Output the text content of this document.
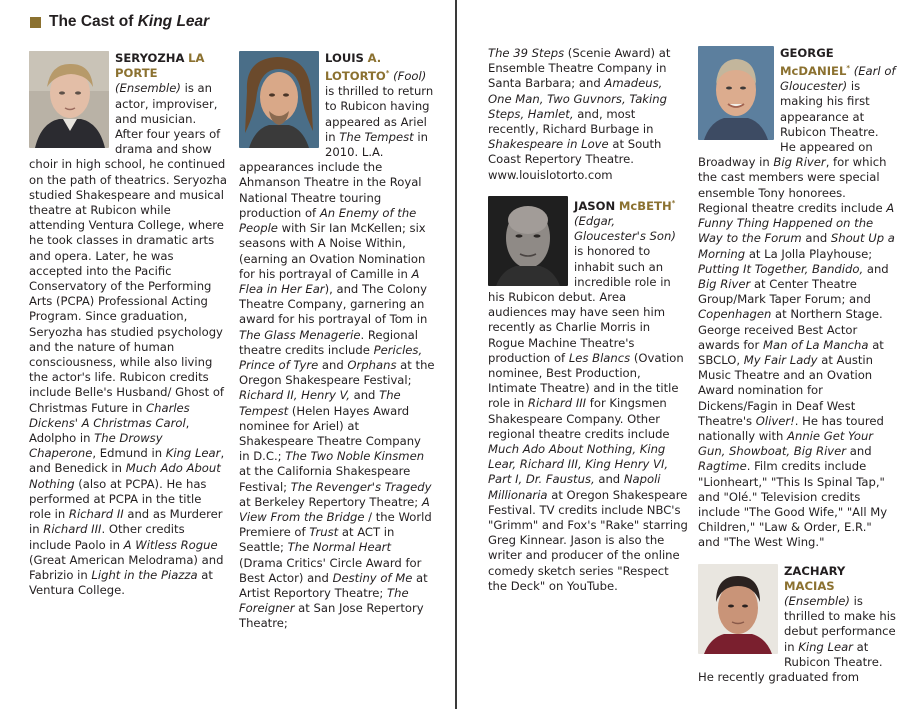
The Cast of King Lear

SERYOZHA LA PORTE (Ensemble) is an actor, improviser, and musician. After four years of drama and show choir in high school, he continued on the path of theatrics. Seryozha studied Shakespeare and musical theatre at Rubicon while attending Ventura College, where he took classes in dramatic arts and opera. Later, he was accepted into the Pacific Conservatory of the Performing Arts (PCPA) Professional Acting Program. Since graduation, Seryozha has studied psychology and the nature of human consciousness, while also living the actor's life. Rubicon credits include Belle's Husband/ Ghost of Christmas Future in Charles Dickens' A Christmas Carol, Adolpho in The Drowsy Chaperone, Edmund in King Lear, and Benedick in Much Ado About Nothing (also at PCPA). He has performed at PCPA in the title role in Richard II and as Murderer in Richard III. Other credits include Paolo in A Witless Rogue (Great American Melodrama) and Fabrizio in Light in the Piazza at Ventura College.

LOUIS A. LOTORTO* (Fool) is thrilled to return to Rubicon having appeared as Ariel in The Tempest in 2010. L.A. appearances include the Ahmanson Theatre in the Royal National Theatre touring production of An Enemy of the People with Sir Ian McKellen; six seasons with A Noise Within, (earning an Ovation Nomination for his portrayal of Camille in A Flea in Her Ear), and The Colony Theatre Company, garnering an award for his portrayal of Tom in The Glass Menagerie. Regional theatre credits include Pericles, Prince of Tyre and Orphans at the Oregon Shakespeare Festival; Richard II, Henry V, and The Tempest (Helen Hayes Award nominee for Ariel) at Shakespeare Theatre Company in D.C.; The Two Noble Kinsmen at the California Shakespeare Festival; The Revenger's Tragedy at Berkeley Repertory Theatre; A View From the Bridge / the World Premiere of Trust at ACT in Seattle; The Normal Heart (Drama Critics' Circle Award for Best Actor) and Destiny of Me at Artist Reportory Theatre; The Foreigner at San Jose Repertory Theatre;

The 39 Steps (Scenie Award) at Ensemble Theatre Company in Santa Barbara; and Amadeus, One Man, Two Guvnors, Taking Steps, Hamlet, and, most recently, Richard Burbage in Shakespeare in Love at South Coast Repertory Theatre. www.louislotorto.com

JASON McBETH* (Edgar, Gloucester's Son) is honored to inhabit such an incredible role in his Rubicon debut. Area audiences may have seen him recently as Charlie Morris in Rogue Machine Theatre's production of Les Blancs (Ovation nominee, Best Production, Intimate Theatre) and in the title role in Richard III for Kingsmen Shakespeare Company. Other regional theatre credits include Much Ado About Nothing, King Lear, Richard III, King Henry VI, Part I, Dr. Faustus, and Napoli Millionaria at Oregon Shakespeare Festival. TV credits include NBC's "Grimm" and Fox's "Rake" starring Greg Kinnear. Jason is also the writer and producer of the online comedy sketch series "Respect the Deck" on YouTube.

GEORGE McDANIEL* (Earl of Gloucester) is making his first appearance at Rubicon Theatre. He appeared on Broadway in Big River, for which the cast members were special ensemble Tony honorees. Regional theatre credits include A Funny Thing Happened on the Way to the Forum and Shout Up a Morning at La Jolla Playhouse; Putting It Together, Bandido, and Big River at Center Theatre Group/Mark Taper Forum; and Copenhagen at Northern Stage. George received Best Actor awards for Man of La Mancha at SBCLO, My Fair Lady at Austin Music Theatre and an Ovation Award nomination for Dickens/Fagin in Deaf West Theatre's Oliver!. He has toured nationally with Annie Get Your Gun, Showboat, Big River and Ragtime. Film credits include "Lionheart," "This Is Spinal Tap," and "Olé." Television credits include "The Good Wife," "All My Children," "Law & Order, E.R." and "The West Wing."

ZACHARY MACIAS (Ensemble) is thrilled to make his debut performance in King Lear at Rubicon Theatre. He recently graduated from
